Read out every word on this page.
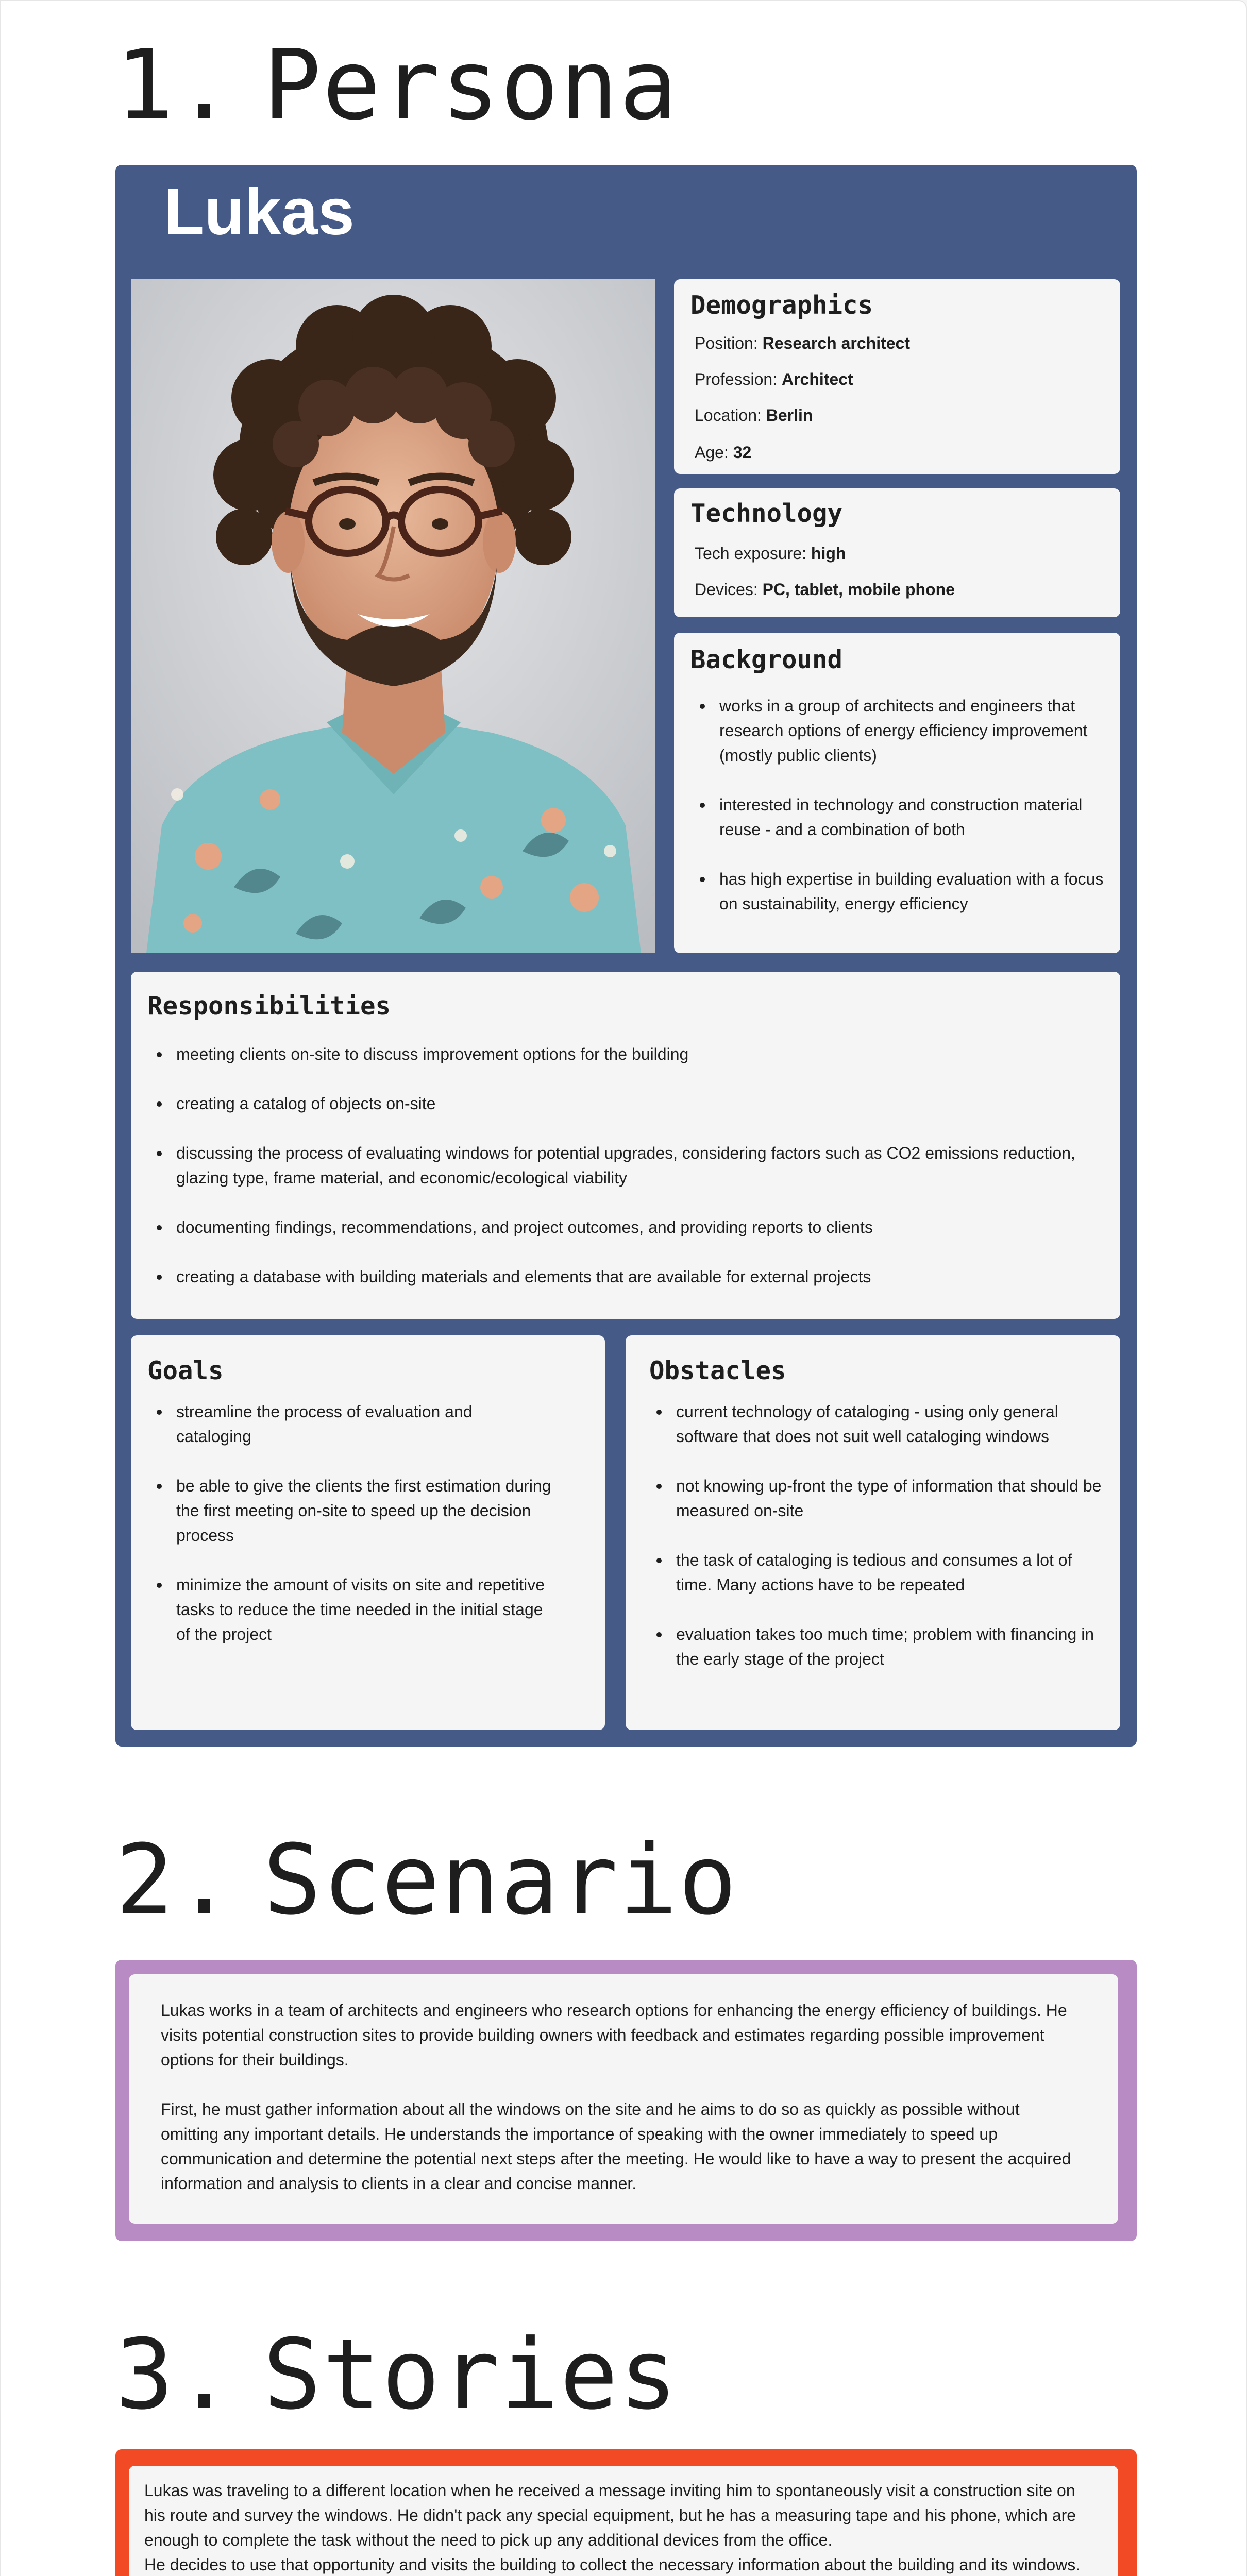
1. Persona
Lukas
Demographics
Position: Research architect
Profession: Architect
Location: Berlin
Age: 32
Technology
Tech exposure: high
Devices: PC, tablet, mobile phone
Background
works in a group of architects and engineers that research options of energy efficiency improvement (mostly public clients)
interested in technology and construction material reuse - and a combination of both
has high expertise in building evaluation with a focus on sustainability, energy efficiency
Responsibilities
meeting clients on-site to discuss improvement options for the building
creating a catalog of objects on-site
discussing the process of evaluating windows for potential upgrades, considering factors such as CO2 emissions reduction, glazing type, frame material, and economic/ecological viability
documenting findings, recommendations, and project outcomes, and providing reports to clients
creating a database with building materials and elements that are available for external projects
Goals
streamline the process of evaluation and cataloging
be able to give the clients the first estimation during the first meeting on-site to speed up the decision process
minimize the amount of visits on site and repetitive tasks to reduce the time needed in the initial stage of the project
Obstacles
current technology of cataloging - using only general software that does not suit well cataloging windows
not knowing up-front the type of information that should be measured on-site
the task of cataloging is tedious and consumes a lot of time. Many actions have to be repeated
evaluation takes too much time; problem with financing in the early stage of the project
2. Scenario
Lukas works in a team of architects and engineers who research options for enhancing the energy efficiency of buildings. He visits potential construction sites to provide building owners with feedback and estimates regarding possible improvement options for their buildings.
First, he must gather information about all the windows on the site and he aims to do so as quickly as possible without omitting any important details. He understands the importance of speaking with the owner immediately to speed up communication and determine the potential next steps after the meeting. He would like to have a way to present the acquired information and analysis to clients in a clear and concise manner.
3. Stories
Lukas was traveling to a different location when he received a message inviting him to spontaneously visit a construction site on his route and survey the windows. He didn't pack any special equipment, but he has a measuring tape and his phone, which are enough to complete the task without the need to pick up any additional devices from the office.
He decides to use that opportunity and visits the building to collect the necessary information about the building and its windows.
